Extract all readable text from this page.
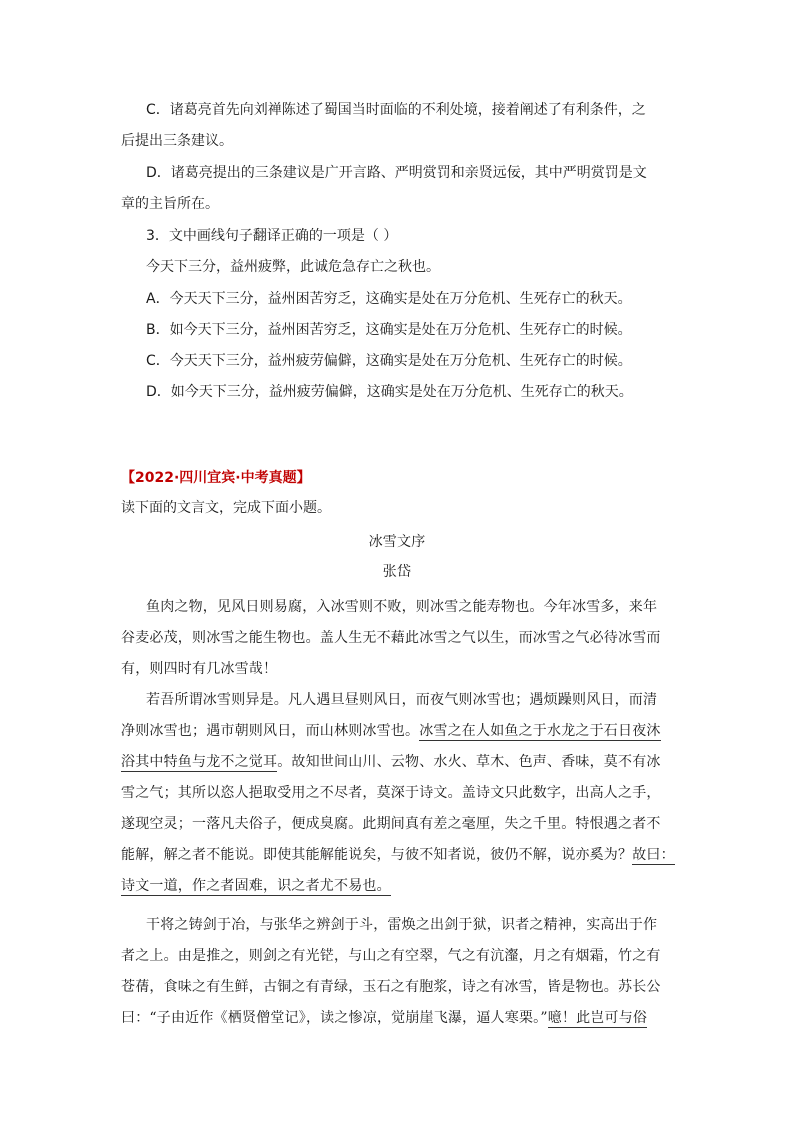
C．诸葛亮首先向刘禅陈述了蜀国当时面临的不利处境，接着阐述了有利条件，之
后提出三条建议。
D．诸葛亮提出的三条建议是广开言路、严明赏罚和亲贤远佞，其中严明赏罚是文
章的主旨所在。
3．文中画线句子翻译正确的一项是（ ）
今天下三分，益州疲弊，此诚危急存亡之秋也。
A．今天天下三分，益州困苦穷乏，这确实是处在万分危机、生死存亡的秋天。
B．如今天下三分，益州困苦穷乏，这确实是处在万分危机、生死存亡的时候。
C．今天天下三分，益州疲劳偏僻，这确实是处在万分危机、生死存亡的时候。
D．如今天下三分，益州疲劳偏僻，这确实是处在万分危机、生死存亡的秋天。
【2022·四川宜宾·中考真题】
读下面的文言文，完成下面小题。
冰雪文序
张岱
鱼肉之物，见风日则易腐，入冰雪则不败，则冰雪之能寿物也。今年冰雪多，来年
谷麦必茂，则冰雪之能生物也。盖人生无不藉此冰雪之气以生，而冰雪之气必待冰雪而
有，则四时有几冰雪哉！
若吾所谓冰雪则异是。凡人遇旦昼则风日，而夜气则冰雪也；遇烦躁则风日，而清
净则冰雪也；遇市朝则风日，而山林则冰雪也。冰雪之在人如鱼之于水龙之于石日夜沐
浴其中特鱼与龙不之觉耳。故知世间山川、云物、水火、草木、色声、香味，莫不有冰
雪之气；其所以恣人挹取受用之不尽者，莫深于诗文。盖诗文只此数字，出高人之手，
遂现空灵；一落凡夫俗子，便成臭腐。此期间真有差之毫厘，失之千里。特恨遇之者不
能解，解之者不能说。即使其能解能说矣，与彼不知者说，彼仍不解，说亦奚为？故曰：
诗文一道，作之者固难，识之者尤不易也。
干将之铸剑于冶，与张华之辨剑于斗，雷焕之出剑于狱，识者之精神，实高出于作
者之上。由是推之，则剑之有光铓，与山之有空翠，气之有沆瀣，月之有烟霜，竹之有
苍蒨，食味之有生鲜，古铜之有青绿，玉石之有胞浆，诗之有冰雪，皆是物也。苏长公
曰：“子由近作《栖贤僧堂记》，读之惨凉，觉崩崖飞瀑，逼人寒栗。”噫！此岂可与俗
